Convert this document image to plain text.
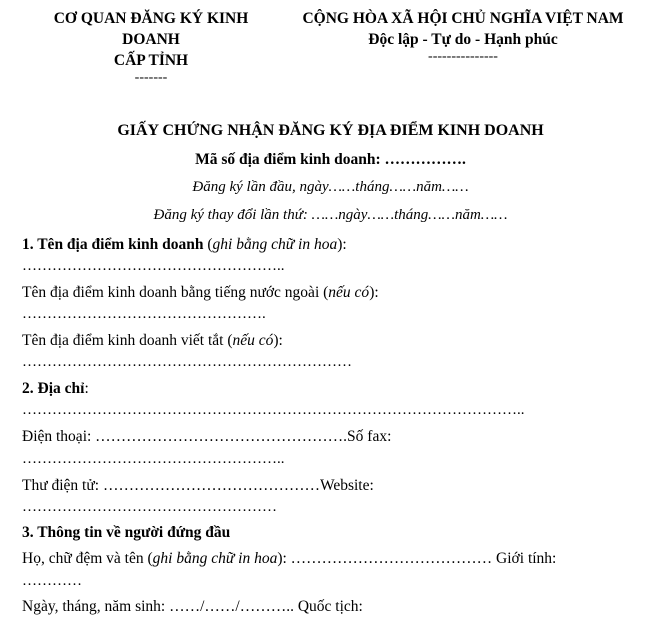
CƠ QUAN ĐĂNG KÝ KINH
DOANH
CẤP TỈNH
-------
CỘNG HÒA XÃ HỘI CHỦ NGHĨA VIỆT NAM
Độc lập - Tự do - Hạnh phúc
---------------
GIẤY CHỨNG NHẬN ĐĂNG KÝ ĐỊA ĐIỂM KINH DOANH
Mã số địa điểm kinh doanh: …………….
Đăng ký lần đầu, ngày……tháng……năm……
Đăng ký thay đổi lần thứ: ……ngày……tháng……năm……
1. Tên địa điểm kinh doanh (ghi bằng chữ in hoa):
……………………………………………..
Tên địa điểm kinh doanh bằng tiếng nước ngoài (nếu có):
………………………………………….
Tên địa điểm kinh doanh viết tắt (nếu có):
…………………………………………………………
2. Địa chỉ:
………………………………………………………………………………………..
Điện thoại: ………………………………………….Số fax:
……………………………………………..
Thư điện tử: ……………………………………Website:
……………………………………………
3. Thông tin về người đứng đầu
Họ, chữ đệm và tên (ghi bằng chữ in hoa): ………………………………… Giới tính:
…………
Ngày, tháng, năm sinh: ……/……/……….. Quốc tịch:
